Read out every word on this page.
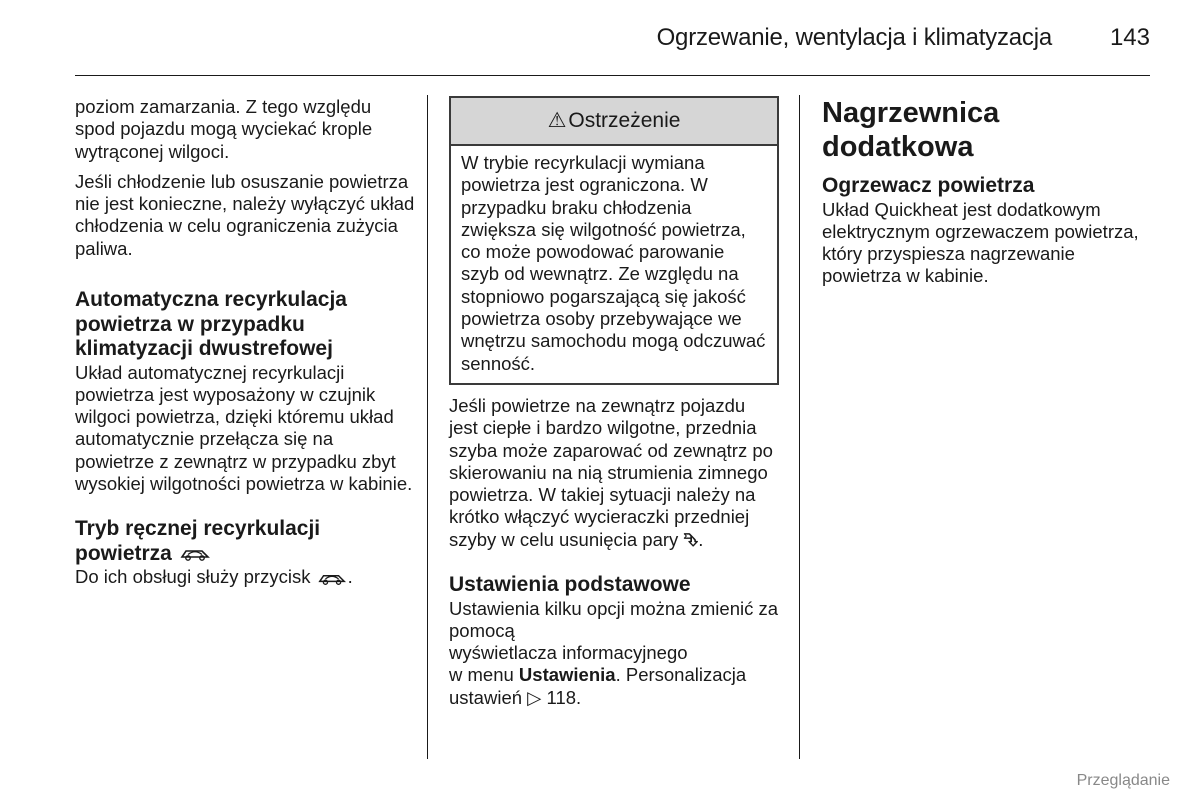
Ogrzewanie, wentylacja i klimatyzacja 143

poziom zamarzania. Z tego względu spod pojazdu mogą wyciekać krople wytrąconej wilgoci.

Jeśli chłodzenie lub osuszanie powietrza nie jest konieczne, należy wyłączyć układ chłodzenia w celu ograniczenia zużycia paliwa.

Automatyczna recyrkulacja powietrza w przypadku klimatyzacji dwustrefowej

Układ automatycznej recyrkulacji powietrza jest wyposażony w czujnik wilgoci powietrza, dzięki któremu układ automatycznie przełącza się na powietrze z zewnątrz w przypadku zbyt wysokiej wilgotności powietrza w kabinie.

Tryb ręcznej recyrkulacji powietrza

Do ich obsługi służy przycisk .

⚠ Ostrzeżenie
W trybie recyrkulacji wymiana powietrza jest ograniczona. W przypadku braku chłodzenia zwiększa się wilgotność powietrza, co może powodować parowanie szyb od wewnątrz. Ze względu na stopniowo pogarszającą się jakość powietrza osoby przebywające we wnętrzu samochodu mogą odczuwać senność.

Jeśli powietrze na zewnątrz pojazdu jest ciepłe i bardzo wilgotne, przednia szyba może zaparować od zewnątrz po skierowaniu na nią strumienia zimnego powietrza. W takiej sytuacji należy na krótko włączyć wycieraczki przedniej szyby w celu usunięcia pary ⮷.

Ustawienia podstawowe

Ustawienia kilku opcji można zmienić za pomocą
wyświetlacza informacyjnego
w menu Ustawienia. Personalizacja ustawień ▷ 118.

Nagrzewnica dodatkowa
Ogrzewacz powietrza

Układ Quickheat jest dodatkowym elektrycznym ogrzewaczem powietrza, który przyspiesza nagrzewanie powietrza w kabinie.

Przeglądanie
